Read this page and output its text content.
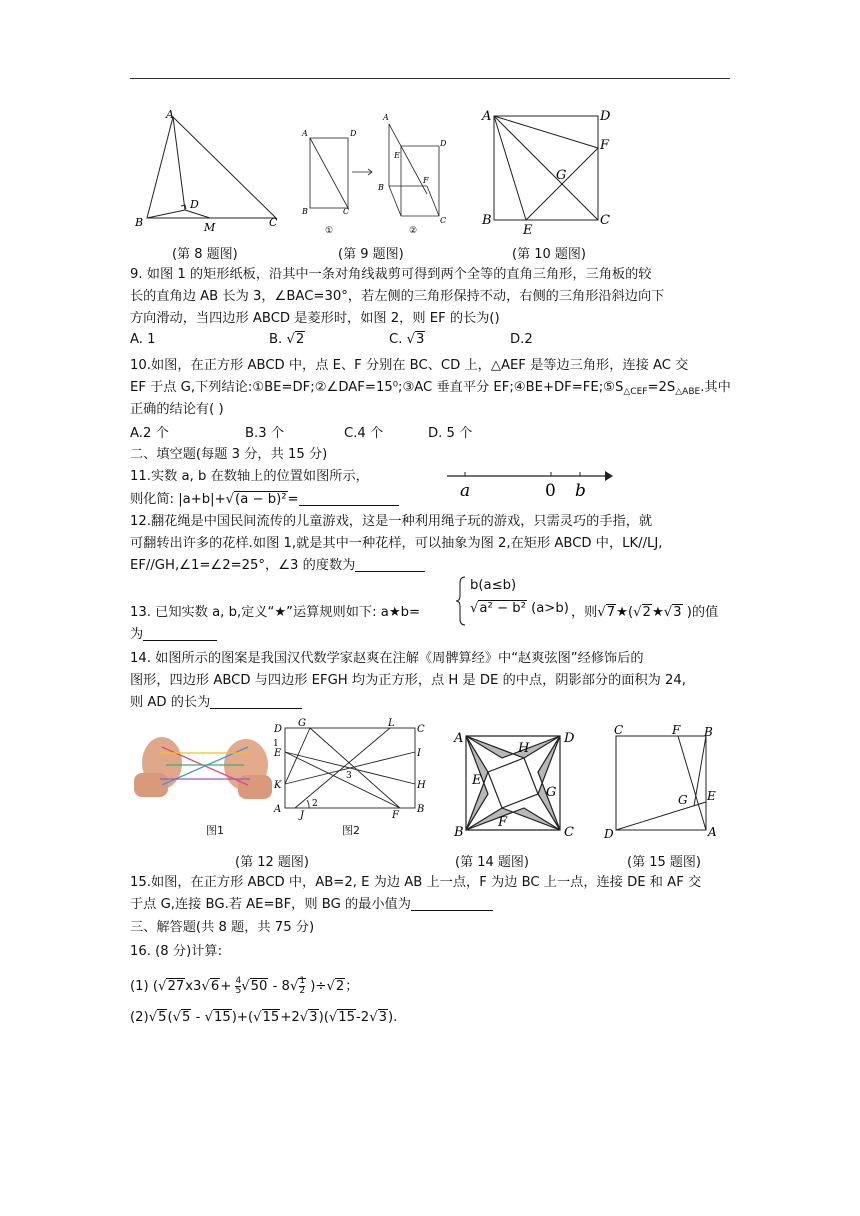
A
B	C
D
M
(第 8 题图)
A	D
B	C
A
D
E
F
B
C
①	②
(第 9 题图)
A	D
F
G
B
E
C
(第 10 题图)
9. 如图 1 的矩形纸板，沿其中一条对角线裁剪可得到两个全等的直角三角形，三角板的较
长的直角边 AB 长为 3，∠BAC=30°，若左侧的三角形保持不动，右侧的三角形沿斜边向下
方向滑动，当四边形 ABCD 是菱形时，如图 2，则 EF 的长为()
A. 1	B. √2	C. √3	D.2
10.如图，在正方形 ABCD 中，点 E、F 分别在 BC、CD 上，△AEF 是等边三角形，连接 AC 交
EF 于点 G,下列结论:①BE=DF;②∠DAF=15⁰;③AC 垂直平分 $EF;④BE+DF=FE;⑤S_{\triangle CEF}=2S_{\triangle ABE}$.其中
正确的结论有( )
A.2 个	B.3 个	C.4 个	D. 5 个
二、填空题(每题 3 分，共 15 分)
11.实数 a, b 在数轴上的位置如图所示，
则化简: |a+b|+√(a − b)²=	a	0 b
12.翻花绳是中国民间流传的儿童游戏，这是一种利用绳子玩的游戏，只需灵巧的手指，就
可翻转出许多的花样.如图 1,就是其中一种花样，可以抽象为图 2,在矩形 ABCD 中，LK//LJ,
EF//GH,∠1=∠2=25°，∠3 的度数为
b(a≤b)
√a² − b² (a>b)
13. 已知实数 a, b,定义“★”运算规则如下: a★b=	，则√7★(√2★√3 )的值
为
14. 如图所示的图案是我国汉代数学家赵爽在注解《周髀算经》中“赵爽弦图”经修饰后的
图形，四边形 ABCD 与四边形 EFGH 均为正方形，点 H 是 DE 的中点，阴影部分的面积为 24,
则 AD 的长为
图1
D
G	L
C
E	I
K	H
A
J	F
B
1
2
3
图2
(第 12 题图)
A	D
H
E
G
F
B	C
(第 14 题图)
C	F B
G E
D	A
(第 15 题图)
15.如图，在正方形 ABCD 中，AB=2, E 为边 AB 上一点，F 为边 BC 上一点，连接 DE 和 AF 交
于点 G,连接 BG.若 AE=BF，则 BG 的最小值为
三、解答题(共 8 题，共 75 分)
16. (8 分)计算:
(1) $(√27x3√6+ \frac{4}{5} √50 - 8√ \frac{1}{2} )\div√2$；
(2)√5(√5 - √15)+(√15+2√3)(√15-2√3).
